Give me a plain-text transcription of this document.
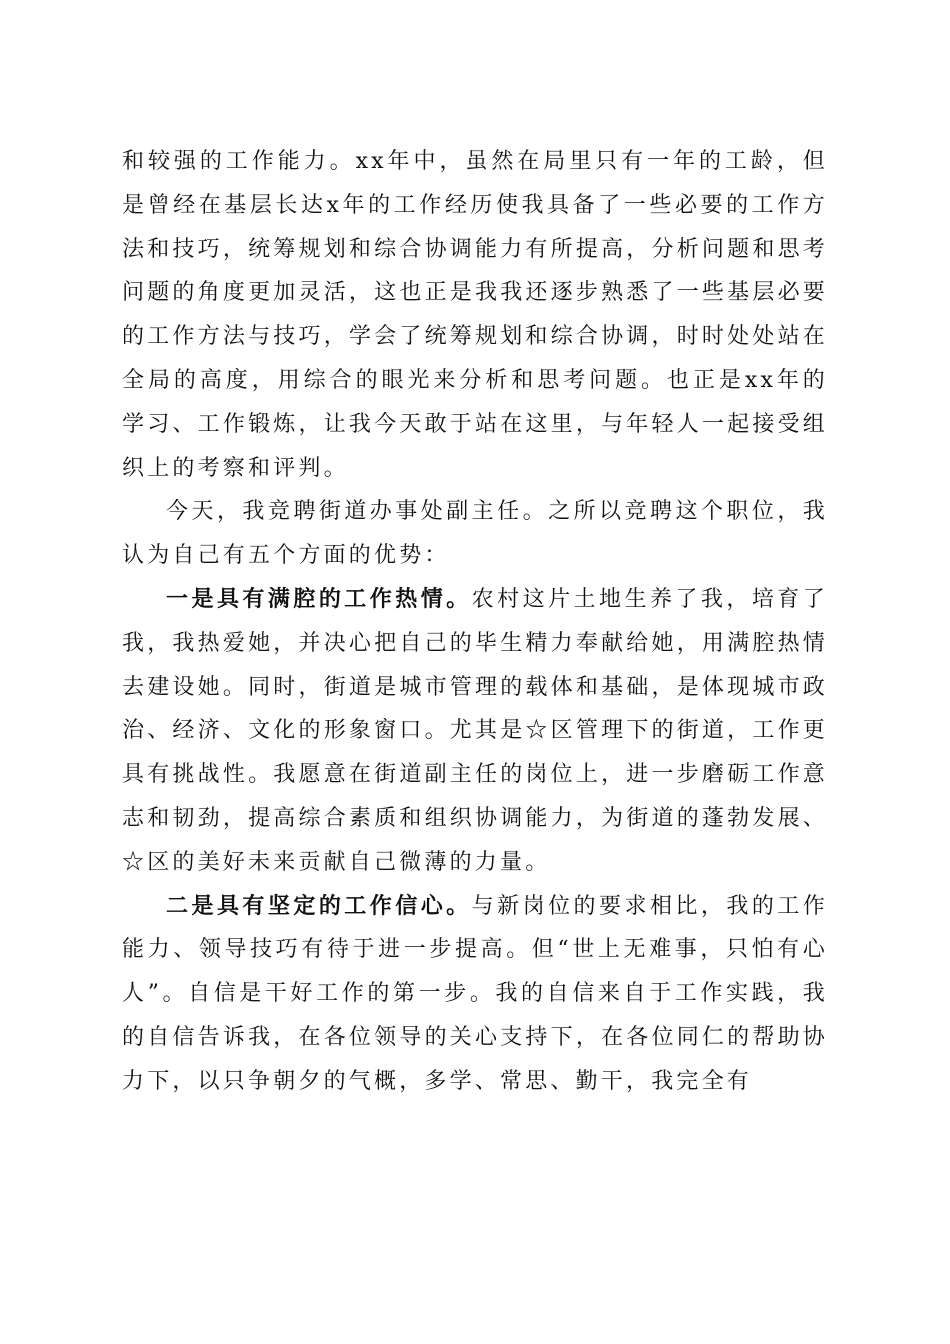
和较强的工作能力。xx年中，虽然在局里只有一年的工龄，但是曾经在基层长达x年的工作经历使我具备了一些必要的工作方法和技巧，统筹规划和综合协调能力有所提高，分析问题和思考问题的角度更加灵活，这也正是我我还逐步熟悉了一些基层必要的工作方法与技巧，学会了统筹规划和综合协调，时时处处站在全局的高度，用综合的眼光来分析和思考问题。也正是xx年的学习、工作锻炼，让我今天敢于站在这里，与年轻人一起接受组织上的考察和评判。

今天，我竞聘街道办事处副主任。之所以竞聘这个职位，我认为自己有五个方面的优势：

一是具有满腔的工作热情。农村这片土地生养了我，培育了我，我热爱她，并决心把自己的毕生精力奉献给她，用满腔热情去建设她。同时，街道是城市管理的载体和基础，是体现城市政治、经济、文化的形象窗口。尤其是☆区管理下的街道，工作更具有挑战性。我愿意在街道副主任的岗位上，进一步磨砺工作意志和韧劲，提高综合素质和组织协调能力，为街道的蓬勃发展、☆区的美好未来贡献自己微薄的力量。

二是具有坚定的工作信心。与新岗位的要求相比，我的工作能力、领导技巧有待于进一步提高。但“世上无难事，只怕有心人”。自信是干好工作的第一步。我的自信来自于工作实践，我的自信告诉我，在各位领导的关心支持下，在各位同仁的帮助协力下，以只争朝夕的气概，多学、常思、勤干，我完全有
